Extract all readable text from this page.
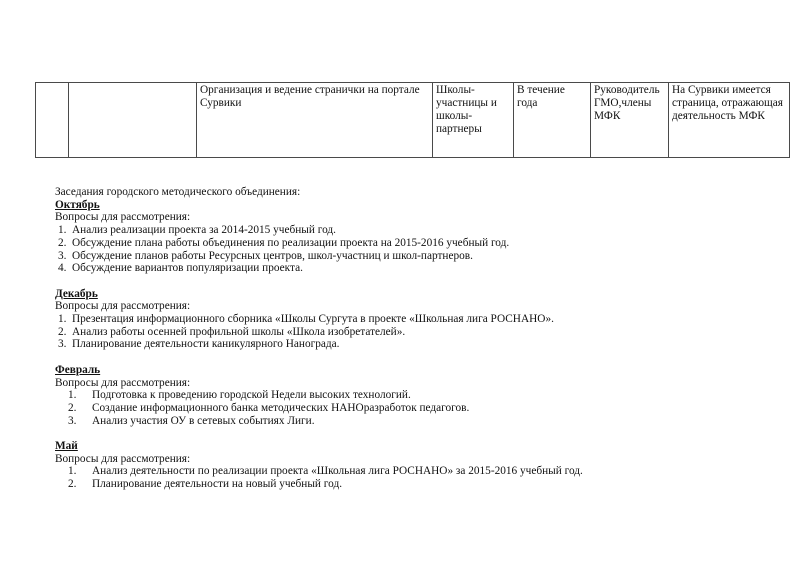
		Организация и ведение странички на портале Сурвики	Школы-участницы и школы-партнеры	В течение года	Руководитель ГМО,члены МФК	На Сурвики имеется страница, отражающая деятельность МФК
Заседания городского методического объединения:
Октябрь
Вопросы для рассмотрения:
Анализ реализации проекта за 2014-2015 учебный год.
Обсуждение плана работы объединения по реализации проекта на 2015-2016 учебный год.
Обсуждение планов работы Ресурсных центров, школ-участниц и школ-партнеров.
Обсуждение вариантов популяризации проекта.
Декабрь
Вопросы для рассмотрения:
Презентация информационного сборника «Школы Сургута в проекте «Школьная лига РОСНАНО».
Анализ работы осенней профильной школы «Школа изобретателей».
Планирование деятельности каникулярного Нанограда.
Февраль
Вопросы для рассмотрения:
Подготовка к проведению городской Недели высоких технологий.
Создание информационного банка методических НАНОразработок педагогов.
Анализ участия ОУ в сетевых событиях Лиги.
Май
Вопросы для рассмотрения:
Анализ деятельности по реализации проекта «Школьная лига РОСНАНО» за 2015-2016 учебный год.
Планирование деятельности на новый учебный год.
